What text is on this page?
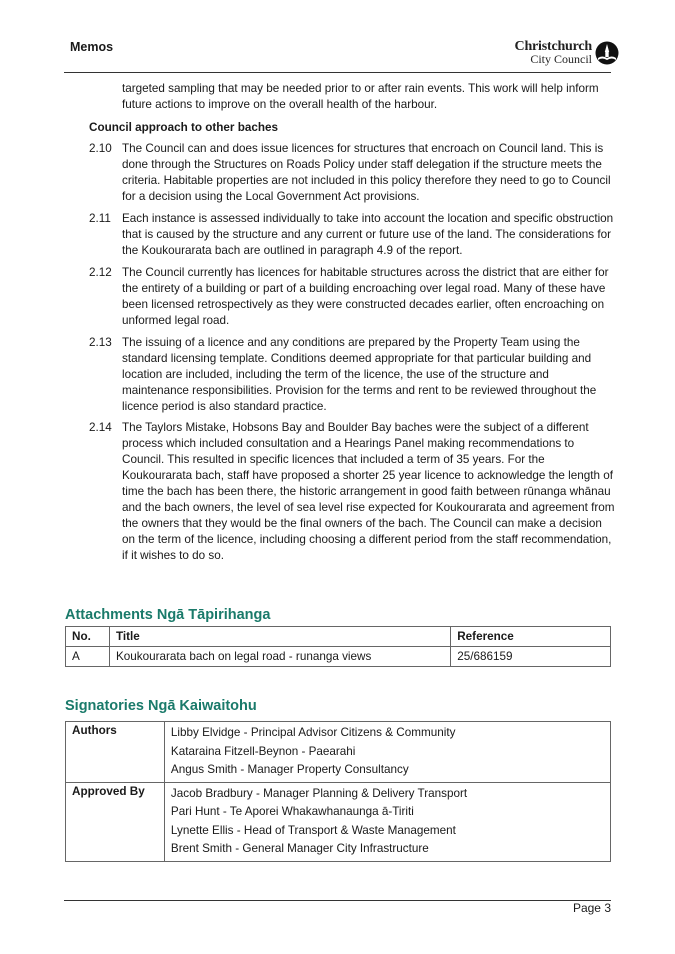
Memos	Christchurch
City Council
targeted sampling that may be needed prior to or after rain events. This work will help inform future actions to improve on the overall health of the harbour.
Council approach to other baches
2.10 The Council can and does issue licences for structures that encroach on Council land. This is done through the Structures on Roads Policy under staff delegation if the structure meets the criteria. Habitable properties are not included in this policy therefore they need to go to Council for a decision using the Local Government Act provisions.
2.11 Each instance is assessed individually to take into account the location and specific obstruction that is caused by the structure and any current or future use of the land. The considerations for the Koukourarata bach are outlined in paragraph 4.9 of the report.
2.12 The Council currently has licences for habitable structures across the district that are either for the entirety of a building or part of a building encroaching over legal road. Many of these have been licensed retrospectively as they were constructed decades earlier, often encroaching on unformed legal road.
2.13 The issuing of a licence and any conditions are prepared by the Property Team using the standard licensing template. Conditions deemed appropriate for that particular building and location are included, including the term of the licence, the use of the structure and maintenance responsibilities. Provision for the terms and rent to be reviewed throughout the licence period is also standard practice.
2.14 The Taylors Mistake, Hobsons Bay and Boulder Bay baches were the subject of a different process which included consultation and a Hearings Panel making recommendations to Council. This resulted in specific licences that included a term of 35 years. For the Koukourarata bach, staff have proposed a shorter 25 year licence to acknowledge the length of time the bach has been there, the historic arrangement in good faith between rūnanga whānau and the bach owners, the level of sea level rise expected for Koukourarata and agreement from the owners that they would be the final owners of the bach. The Council can make a decision on the term of the licence, including choosing a different period from the staff recommendation, if it wishes to do so.
Attachments Ngā Tāpirihanga
No.	Title	Reference
A	Koukourarata bach on legal road - runanga views	25/686159
Signatories Ngā Kaiwaitohu
Authors	Libby Elvidge - Principal Advisor Citizens & Community
Kataraina Fitzell-Beynon - Paearahi
Angus Smith - Manager Property Consultancy

Approved By	Jacob Bradbury - Manager Planning & Delivery Transport
Pari Hunt - Te Aporei Whakawhanaunga ā-Tiriti
Lynette Ellis - Head of Transport & Waste Management
Brent Smith - General Manager City Infrastructure
Page 3
